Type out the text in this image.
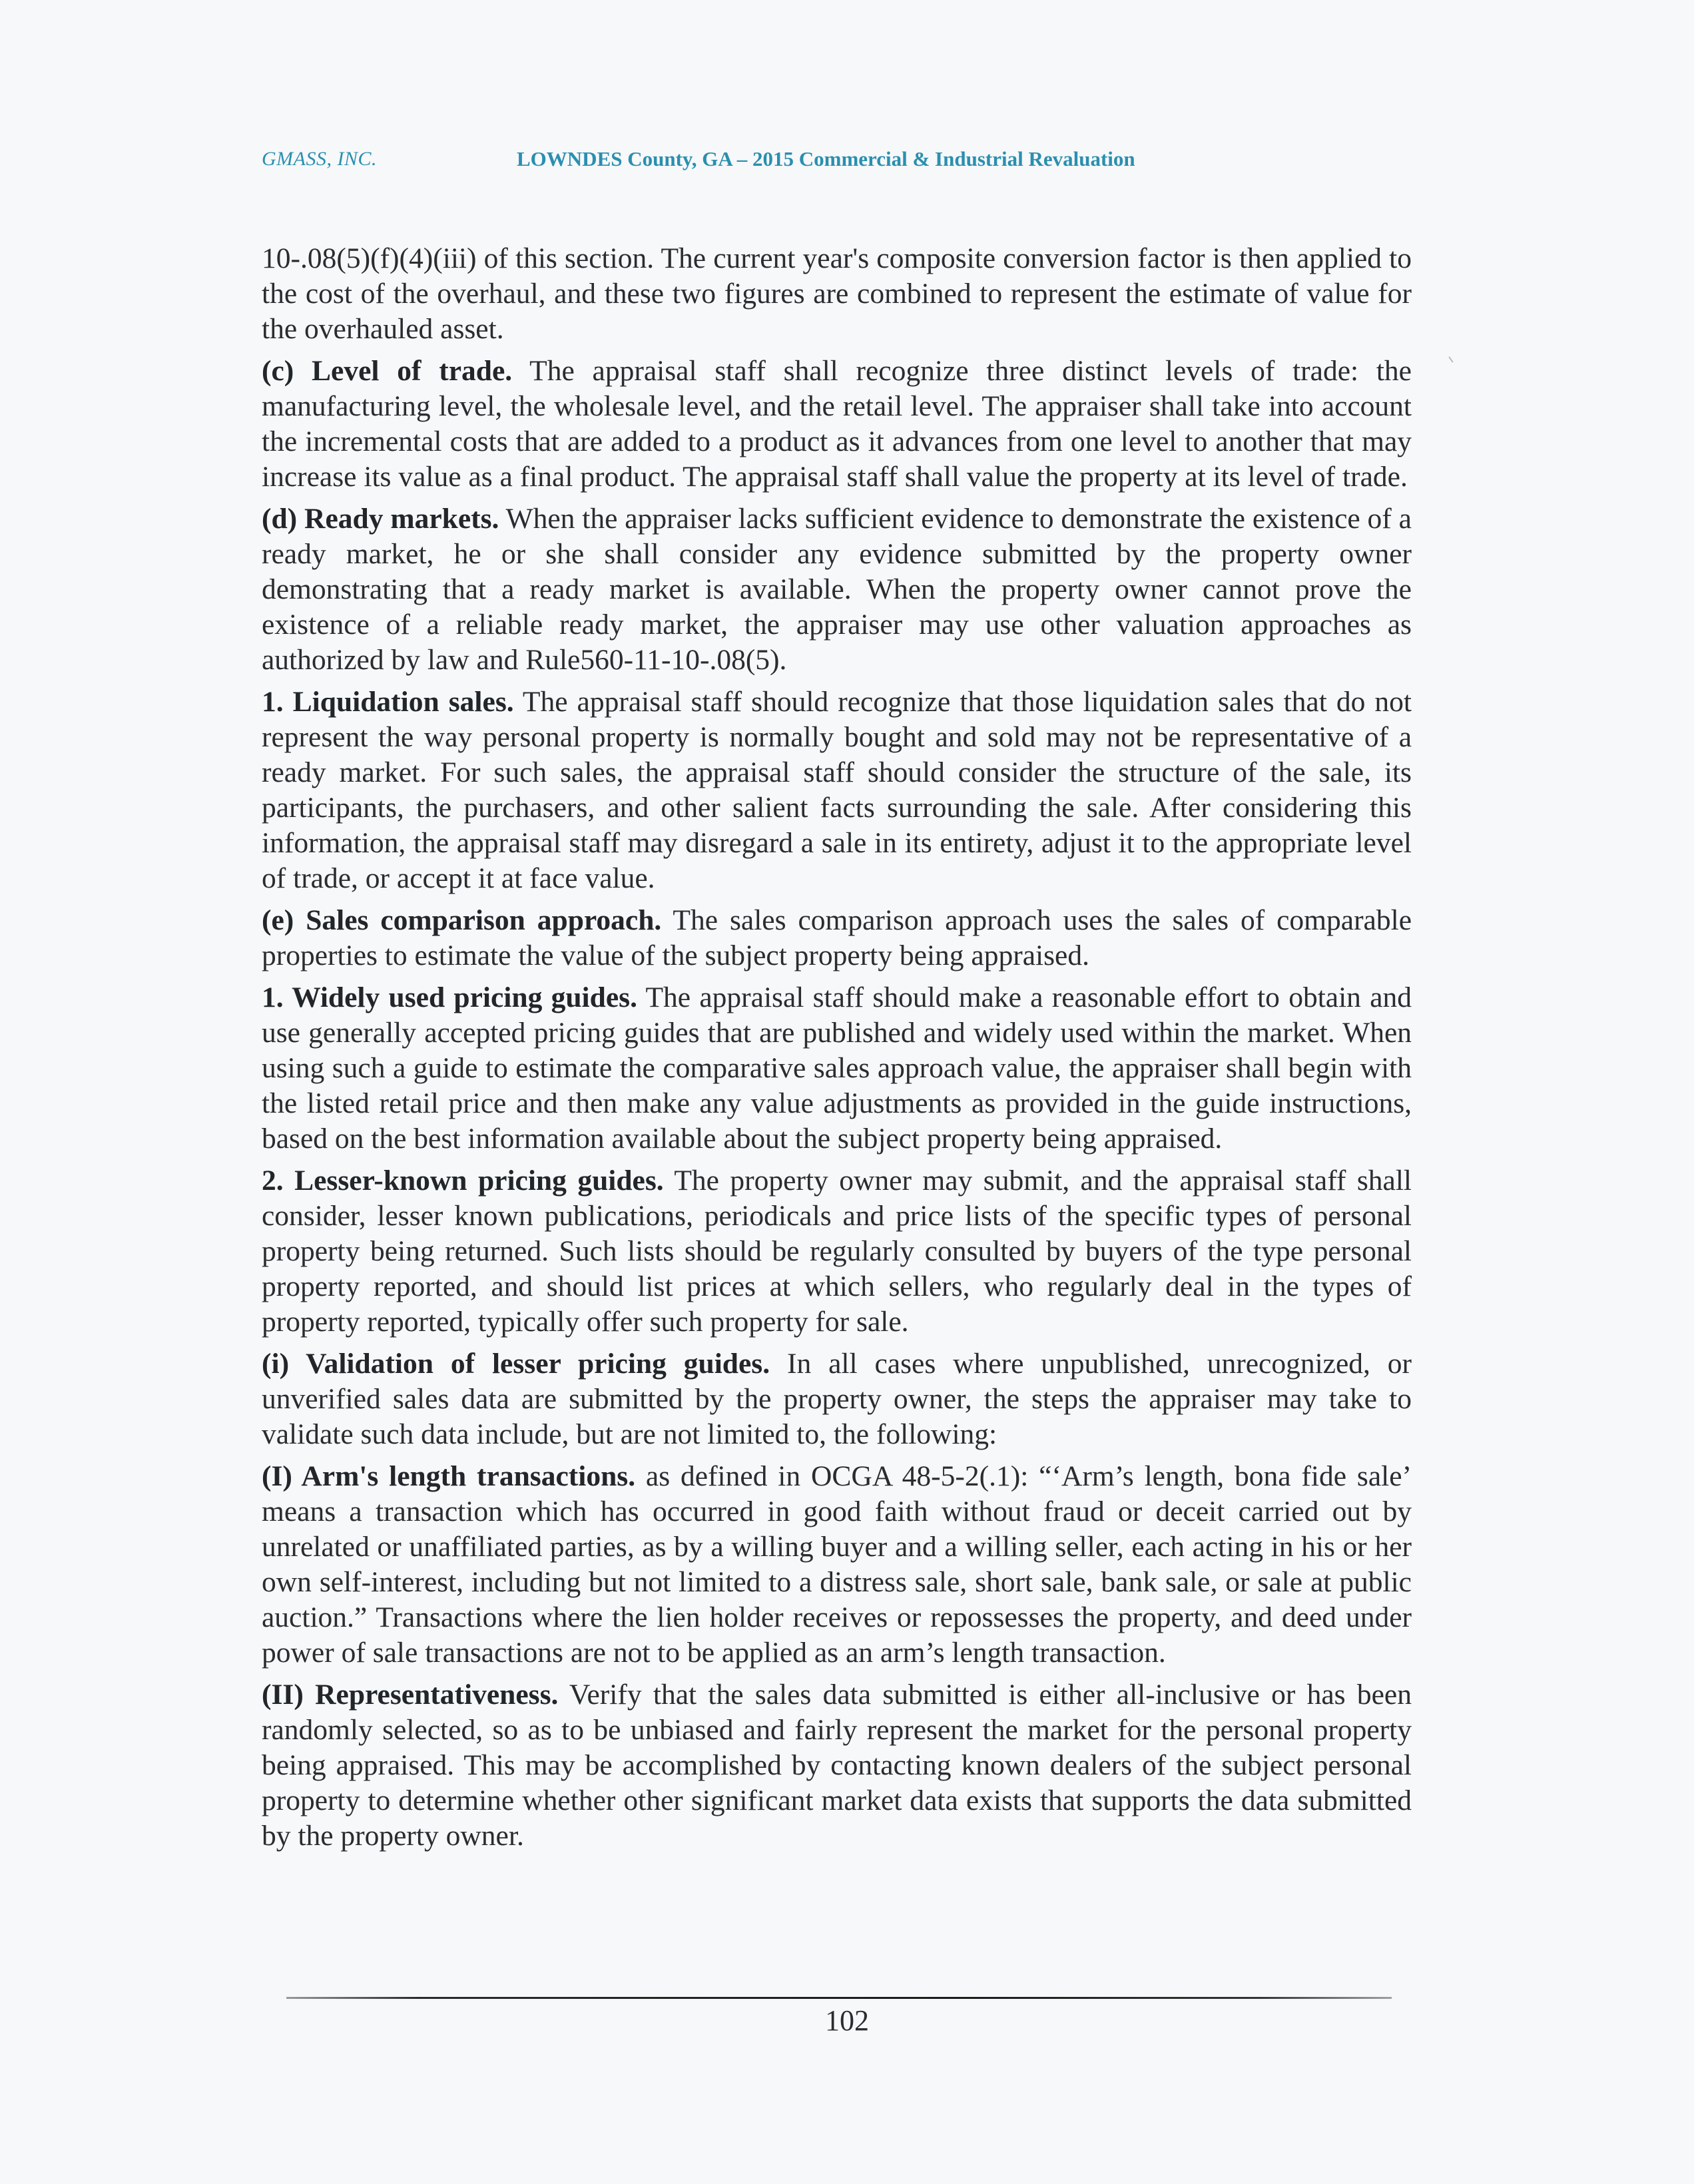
GMASS, INC.	LOWNDES County, GA – 2015 Commercial & Industrial Revaluation

10-.08(5)(f)(4)(iii) of this section. The current year's composite conversion factor is then applied to the cost of the overhaul, and these two figures are combined to represent the estimate of value for the overhauled asset.

(c) Level of trade. The appraisal staff shall recognize three distinct levels of trade: the manufacturing level, the wholesale level, and the retail level. The appraiser shall take into account the incremental costs that are added to a product as it advances from one level to another that may increase its value as a final product. The appraisal staff shall value the property at its level of trade.

(d) Ready markets. When the appraiser lacks sufficient evidence to demonstrate the existence of a ready market, he or she shall consider any evidence submitted by the property owner demonstrating that a ready market is available. When the property owner cannot prove the existence of a reliable ready market, the appraiser may use other valuation approaches as authorized by law and Rule560-11-10-.08(5).

1. Liquidation sales. The appraisal staff should recognize that those liquidation sales that do not represent the way personal property is normally bought and sold may not be representative of a ready market. For such sales, the appraisal staff should consider the structure of the sale, its participants, the purchasers, and other salient facts surrounding the sale. After considering this information, the appraisal staff may disregard a sale in its entirety, adjust it to the appropriate level of trade, or accept it at face value.

(e) Sales comparison approach. The sales comparison approach uses the sales of comparable properties to estimate the value of the subject property being appraised.

1. Widely used pricing guides. The appraisal staff should make a reasonable effort to obtain and use generally accepted pricing guides that are published and widely used within the market. When using such a guide to estimate the comparative sales approach value, the appraiser shall begin with the listed retail price and then make any value adjustments as provided in the guide instructions, based on the best information available about the subject property being appraised.

2. Lesser-known pricing guides. The property owner may submit, and the appraisal staff shall consider, lesser known publications, periodicals and price lists of the specific types of personal property being returned. Such lists should be regularly consulted by buyers of the type personal property reported, and should list prices at which sellers, who regularly deal in the types of property reported, typically offer such property for sale.

(i) Validation of lesser pricing guides. In all cases where unpublished, unrecognized, or unverified sales data are submitted by the property owner, the steps the appraiser may take to validate such data include, but are not limited to, the following:

(I) Arm's length transactions. as defined in OCGA 48-5-2(.1): “‘Arm’s length, bona fide sale’ means a transaction which has occurred in good faith without fraud or deceit carried out by unrelated or unaffiliated parties, as by a willing buyer and a willing seller, each acting in his or her own self-interest, including but not limited to a distress sale, short sale, bank sale, or sale at public auction.” Transactions where the lien holder receives or repossesses the property, and deed under power of sale transactions are not to be applied as an arm’s length transaction.

(II) Representativeness. Verify that the sales data submitted is either all-inclusive or has been randomly selected, so as to be unbiased and fairly represent the market for the personal property being appraised. This may be accomplished by contacting known dealers of the subject personal property to determine whether other significant market data exists that supports the data submitted by the property owner.

102
